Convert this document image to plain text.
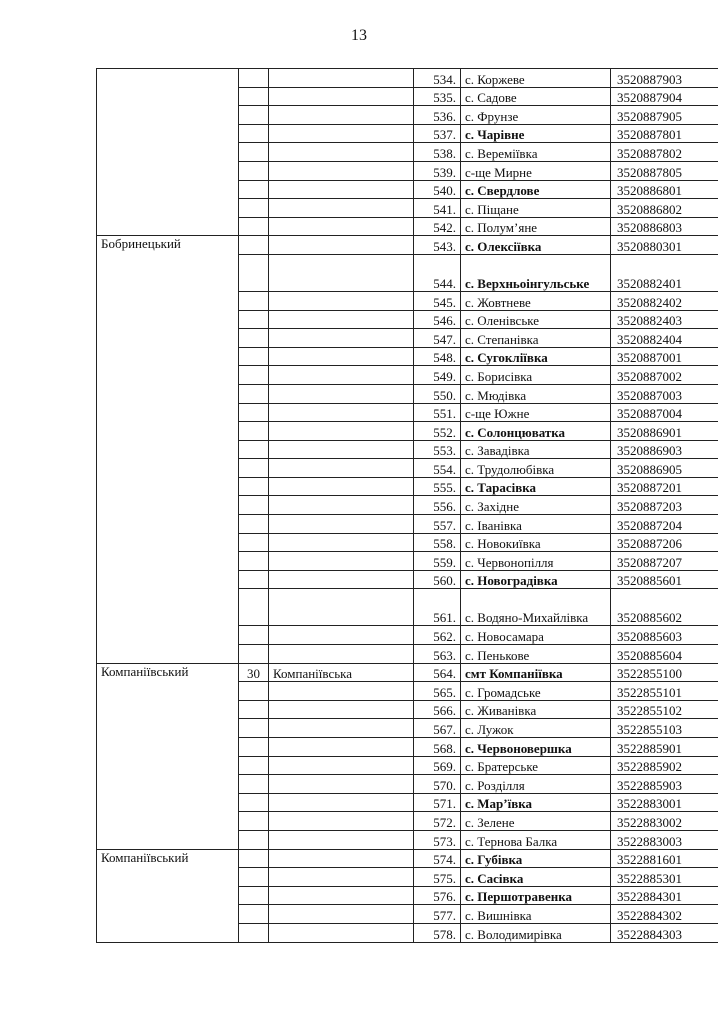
13
			534.	с. Коржеве	3520887903
			535.	с. Садове	3520887904
			536.	с. Фрунзе	3520887905
			537.	с. Чарівне	3520887801
			538.	с. Вереміївка	3520887802
			539.	с-ще Мирне	3520887805
			540.	с. Свердлове	3520886801
			541.	с. Піщане	3520886802
			542.	с. Полум’яне	3520886803
Бобринецький			543.	с. Олексіївка	3520880301
			544.	с. Верхньоінгульське	3520882401
			545.	с. Жовтневе	3520882402
			546.	с. Оленівське	3520882403
			547.	с. Степанівка	3520882404
			548.	с. Сугокліївка	3520887001
			549.	с. Борисівка	3520887002
			550.	с. Мюдівка	3520887003
			551.	с-ще Южне	3520887004
			552.	с. Солонцюватка	3520886901
			553.	с. Завадівка	3520886903
			554.	с. Трудолюбівка	3520886905
			555.	с. Тарасівка	3520887201
			556.	с. Західне	3520887203
			557.	с. Іванівка	3520887204
			558.	с. Новокиївка	3520887206
			559.	с. Червонопілля	3520887207
			560.	с. Новоградівка	3520885601
			561.	с. Водяно-Михайлівка	3520885602
			562.	с. Новосамара	3520885603
			563.	с. Пенькове	3520885604
Компаніївський	30	Компаніївська	564.	смт Компаніївка	3522855100
			565.	с. Громадське	3522855101
			566.	с. Живанівка	3522855102
			567.	с. Лужок	3522855103
			568.	с. Червоновершка	3522885901
			569.	с. Братерське	3522885902
			570.	с. Розділля	3522885903
			571.	с. Мар’ївка	3522883001
			572.	с. Зелене	3522883002
			573.	с. Тернова Балка	3522883003
Компаніївський			574.	с. Губівка	3522881601
			575.	с. Сасівка	3522885301
			576.	с. Першотравенка	3522884301
			577.	с. Вишнівка	3522884302
			578.	с. Володимирівка	3522884303
